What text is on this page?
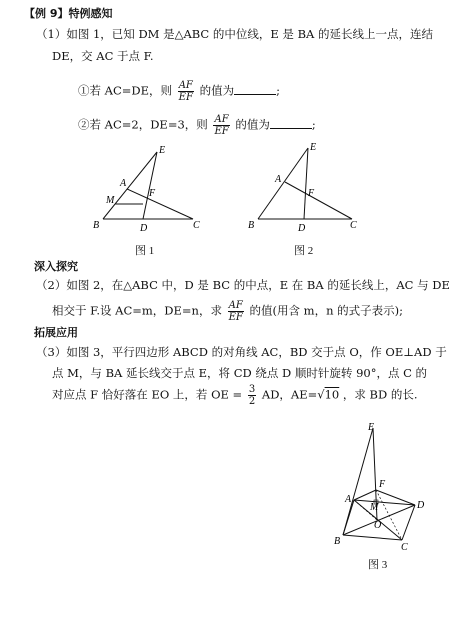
【例 9】特例感知
（1）如图 1，已知 DM 是△ABC 的中位线，E 是 BA 的延长线上一点，连结
DE，交 AC 于点 F.
①若 AC=DE，则 $\frac{AF}{EF}$ 的值为	;
②若 AC=2，DE=3，则 $\frac{AF}{EF}$ 的值为	;
E
A
F
M
B	D	C
图 1
E
A
F
B	D	C
图 2
深入探究
（2）如图 2，在△ABC 中，D 是 BC 的中点，E 在 BA 的延长线上，AC 与 DE
相交于 F.设 AC=m，DE=n，求 $\frac{AF}{EF}$ 的值(用含 m，n 的式子表示);
拓展应用
（3）如图 3，平行四边形 ABCD 的对角线 AC，BD 交于点 O，作 OE⊥AD 于
点 M，与 BA 延长线交于点 E，将 CD 绕点 D 顺时针旋转 90°，点 C 的
对应点 F 恰好落在 EO 上，若 OE = $\frac{3}{2}$ AD，AE=√10 ，求 BD 的长.
E
F
A
M	D
O
B
C
图 3
